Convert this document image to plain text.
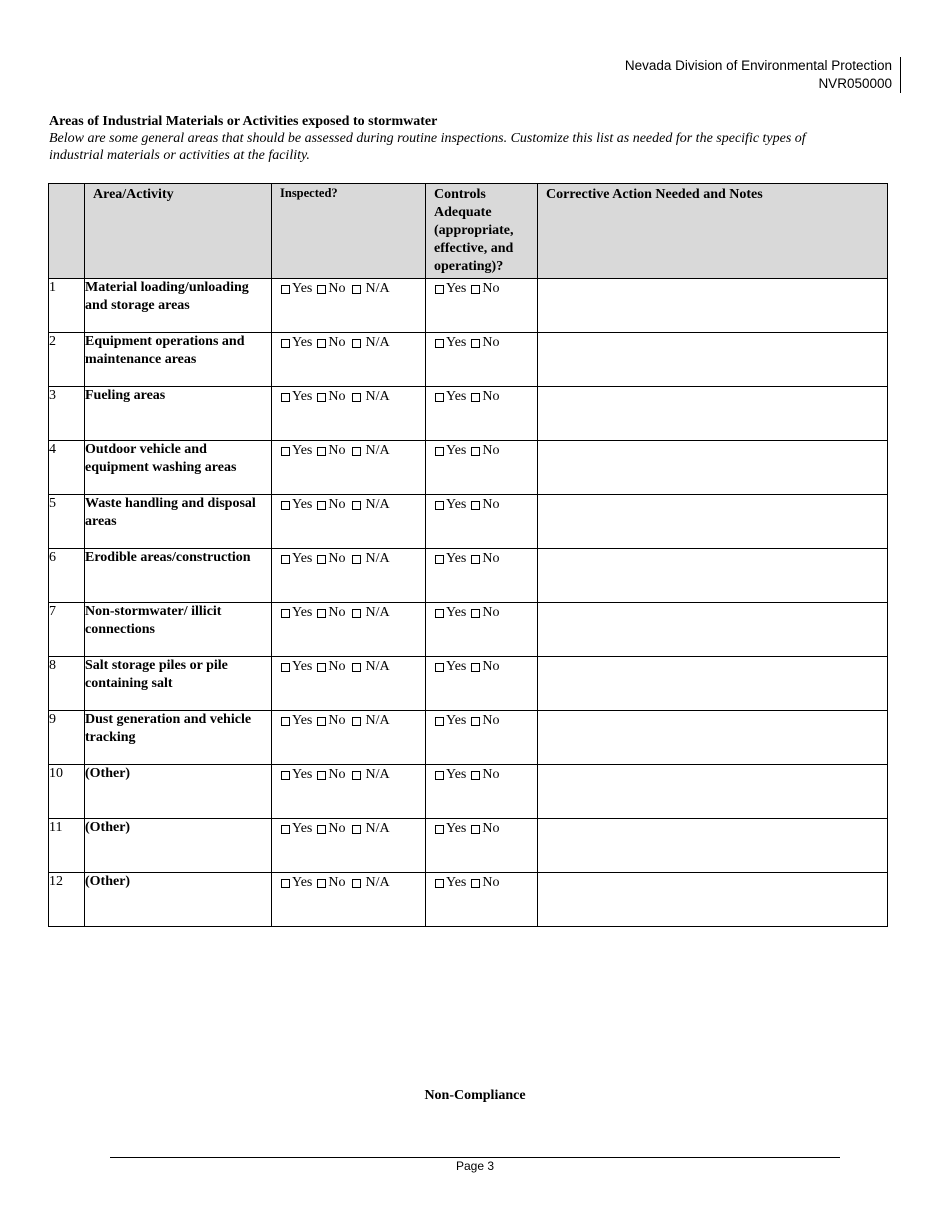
Nevada Division of Environmental Protection
NVR050000

Areas of Industrial Materials or Activities exposed to stormwater

Below are some general areas that should be assessed during routine inspections. Customize this list as needed for the specific types of industrial materials or activities at the facility.

	Area/Activity	Inspected?	Controls Adequate (appropriate, effective, and operating)?	Corrective Action Needed and Notes

1	Material loading/unloading and storage areas	Yes No N/A	Yes No	

2	Equipment operations and maintenance areas	Yes No N/A	Yes No	

3	Fueling areas	Yes No N/A	Yes No	

4	Outdoor vehicle and equipment washing areas	Yes No N/A	Yes No	

5	Waste handling and disposal areas	Yes No N/A	Yes No	

6	Erodible areas/construction	Yes No N/A	Yes No	

7	Non-stormwater/ illicit connections	Yes No N/A	Yes No	

8	Salt storage piles or pile containing salt	Yes No N/A	Yes No	

9	Dust generation and vehicle tracking	Yes No N/A	Yes No	

10	(Other)	Yes No N/A	Yes No	

11	(Other)	Yes No N/A	Yes No	

12	(Other)	Yes No N/A	Yes No	

Non-Compliance
Page 3
